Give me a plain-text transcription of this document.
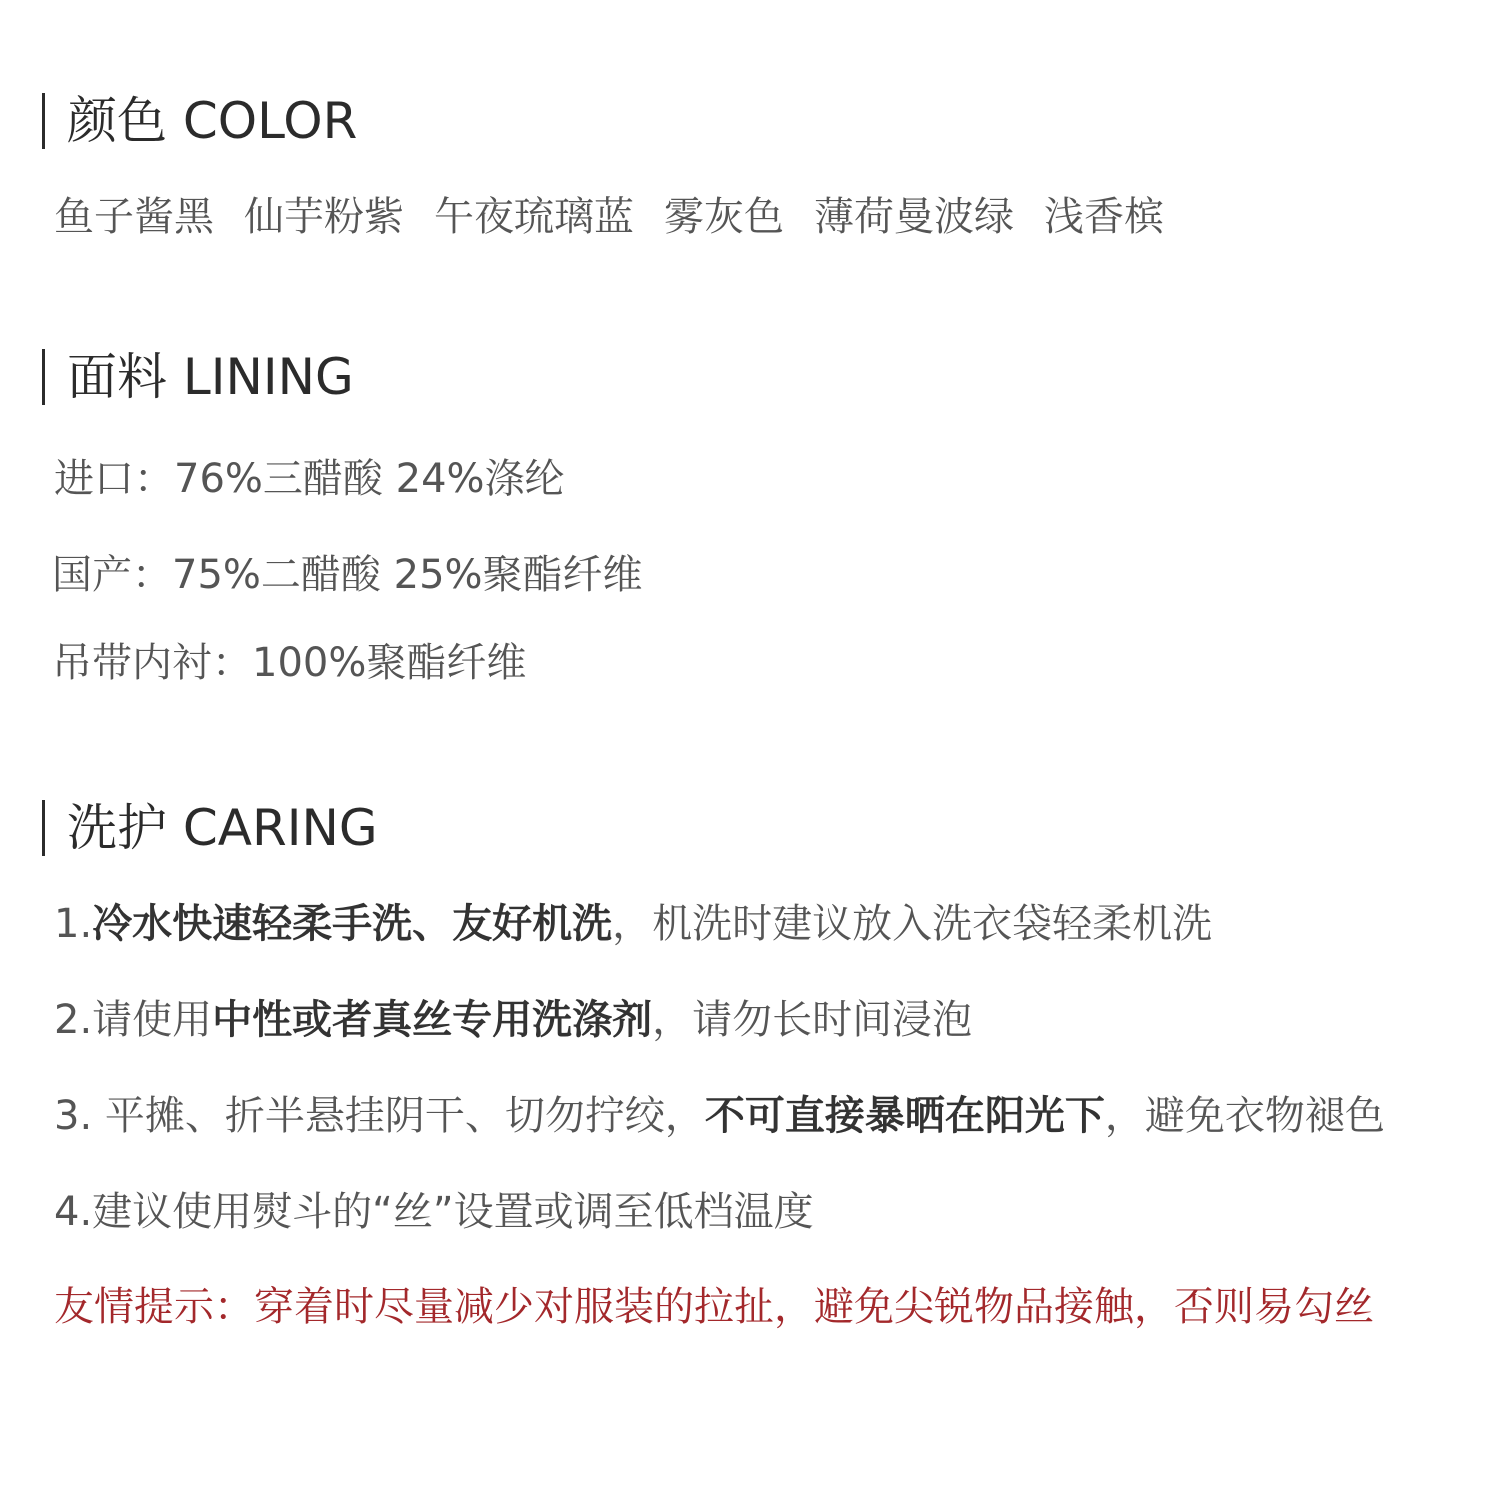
颜色 COLOR
鱼子酱黑 仙芋粉紫 午夜琉璃蓝 雾灰色 薄荷曼波绿 浅香槟
面料 LINING
进口：76%三醋酸 24%涤纶
国产：75%二醋酸 25%聚酯纤维
吊带内衬：100%聚酯纤维
洗护 CARING
1.冷水快速轻柔手洗、友好机洗，机洗时建议放入洗衣袋轻柔机洗
2.请使用中性或者真丝专用洗涤剂，请勿长时间浸泡
3. 平摊、折半悬挂阴干、切勿拧绞，不可直接暴晒在阳光下，避免衣物褪色
4.建议使用熨斗的“丝”设置或调至低档温度
友情提示：穿着时尽量减少对服装的拉扯，避免尖锐物品接触，否则易勾丝
